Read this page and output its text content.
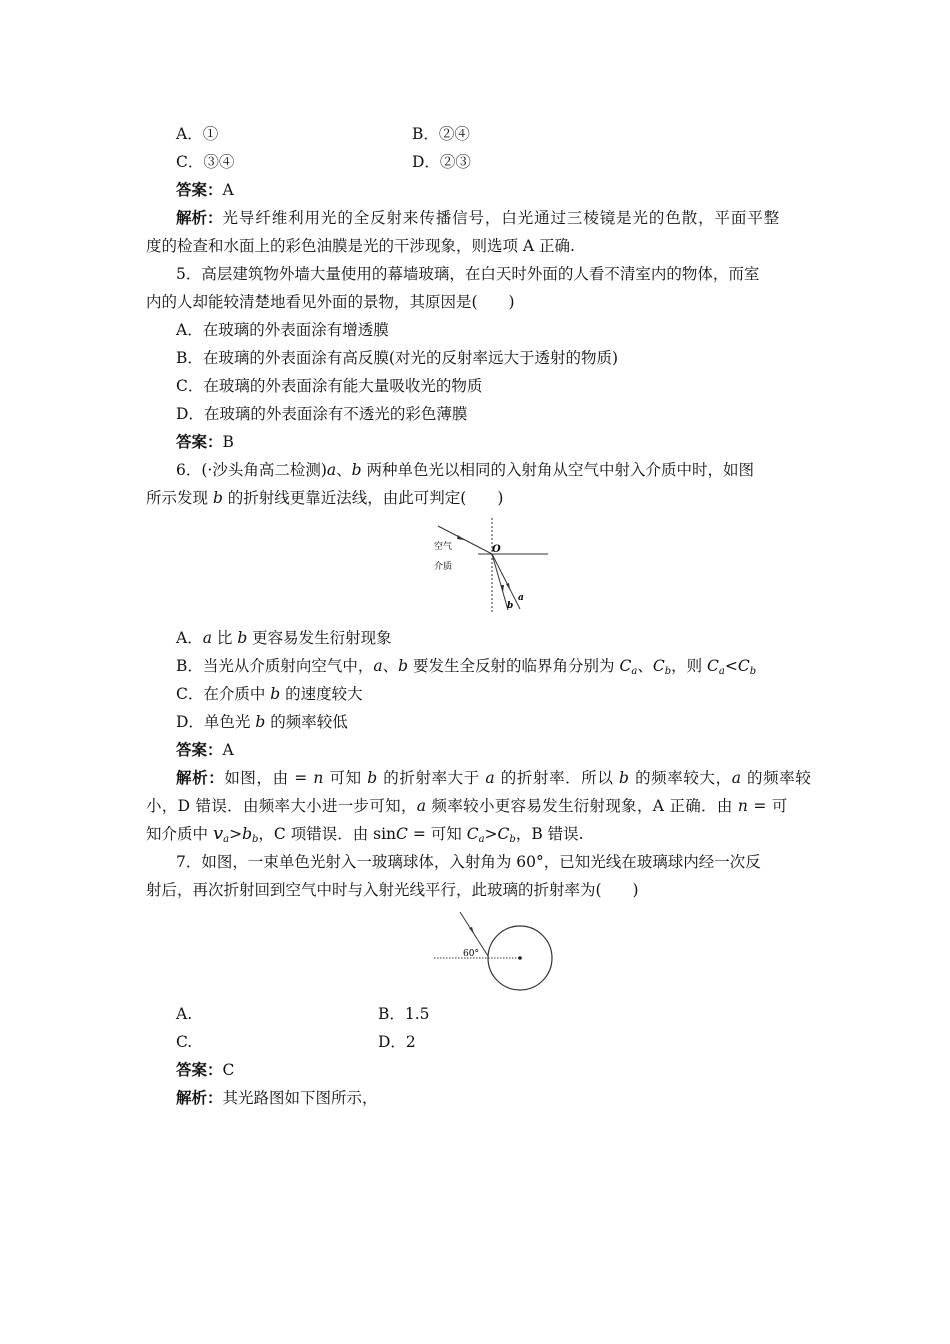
A．①	B．②④
C．③④	D．②③
答案：A
解析：光导纤维利用光的全反射来传播信号，白光通过三棱镜是光的色散，平面平整
度的检查和水面上的彩色油膜是光的干涉现象，则选项 A 正确.
5．高层建筑物外墙大量使用的幕墙玻璃，在白天时外面的人看不清室内的物体，而室
内的人却能较清楚地看见外面的景物，其原因是(　　)
A．在玻璃的外表面涂有增透膜
B．在玻璃的外表面涂有高反膜(对光的反射率远大于透射的物质)
C．在玻璃的外表面涂有能大量吸收光的物质
D．在玻璃的外表面涂有不透光的彩色薄膜
答案：B
6．(·沙头角高二检测)a、b 两种单色光以相同的入射角从空气中射入介质中时，如图
所示发现 b 的折射线更靠近法线，由此可判定(　　)
空气
介质
O
a
b
A．a 比 b 更容易发生衍射现象
B．当光从介质射向空气中，a、b 要发生全反射的临界角分别为 $C_a$、$C_b$，则 $C_a<C_b$
C．在介质中 b 的速度较大
D．单色光 b 的频率较低
答案：A
解析：如图，由 = n 可知 b 的折射率大于 a 的折射率．所以 b 的频率较大，a 的频率较
小，D 错误．由频率大小进一步可知，a 频率较小更容易发生衍射现象，A 正确．由 n = 可
知介质中 $v_a>b_b$，C 项错误．由 sinC = 可知 $C_a>C_b$，B 错误.
7．如图，一束单色光射入一玻璃球体，入射角为 60°，已知光线在玻璃球内经一次反
射后，再次折射回到空气中时与入射光线平行，此玻璃的折射率为(　　)
60°
A.	B．1.5
C.	D．2
答案：C
解析：其光路图如下图所示，
